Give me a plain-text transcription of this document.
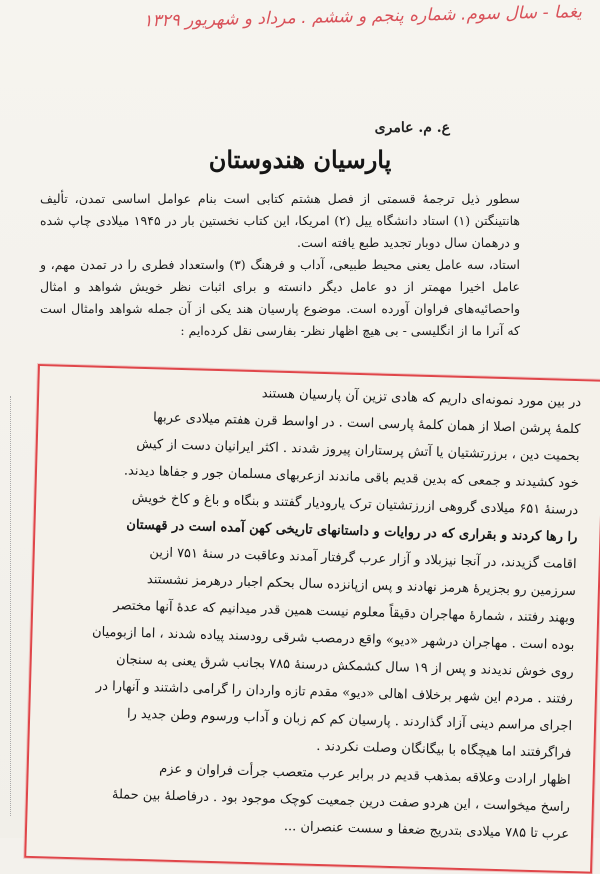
یغما - سال سوم. شماره پنجم و ششم . مرداد و شهریور ۱۳۲۹
ع. م. عامری
پارسیان هندوستان

سطور ذیل ترجمهٔ قسمتی از فصل هشتم کتابی است بنام عوامل اساسی تمدن، تألیف هانتینگتن (۱) استاد دانشگاه ییل (۲) امریکا، این کتاب نخستین بار در ۱۹۴۵ میلادی چاپ شده و درهمان سال دوبار تجدید طبع یافته است.

استاد، سه عامل یعنی محیط طبیعی، آداب و فرهنگ (۳) واستعداد فطری را در تمدن مهم، و عامل اخیرا مهمتر از دو عامل دیگر دانسته و برای اثبات نظر خویش شواهد و امثال واحصائیه‌های فراوان آورده است. موضوع پارسیان هند یکی از آن جمله شواهد وامثال است که آنرا ما از انگلیسی - بی هیچ اظهار نظر- بفارسی نقل کرده‌ایم :

در بین مورد نمونه‌ای داریم که هادی تزین آن پارسیان هستند

کلمهٔ پرشن اصلا از همان کلمهٔ پارسی است . در اواسط قرن هفتم میلادی عربها

بحمیت دین ، برزرتشتیان یا آتش پرستاران پیروز شدند . اکثر ایرانیان دست از کیش

خود کشیدند و جمعی که بدین قدیم باقی ماندند ازعربهای مسلمان جور و جفاها دیدند.

درسنهٔ ۶۵۱ میلادی گروهی ازرزتشتیان ترک یارودیار گفتند و بنگاه و باغ و کاخ خویش

را رها کردند و بقراری که در روایات و داستانهای تاریخی کهن آمده است در قهستان

اقامت گزیدند، در آنجا نیزبلاد و آزار عرب گرفتار آمدند وعاقبت در سنهٔ ۷۵۱ ازین

سرزمین رو بجزیرهٔ هرمز نهادند و پس ازپانزده سال بحکم اجبار درهرمز نشستند

وبهند رفتند ، شمارهٔ مهاجران دقیقاً معلوم نیست همین قدر میدانیم که عدهٔ آنها مختصر

بوده است . مهاجران درشهر «دیو» واقع درمصب شرقی رودسند پیاده شدند ، اما ازبومیان

روی خوش ندیدند و پس از ۱۹ سال کشمکش درسنهٔ ۷۸۵ بجانب شرق یعنی به سنجان

رفتند . مردم این شهر برخلاف اهالی «دیو» مقدم تازه واردان را گرامی داشتند و آنهارا در

اجرای مراسم دینی آزاد گذاردند . پارسیان کم کم زبان و آداب ورسوم وطن جدید را

فراگرفتند اما هیچگاه با بیگانگان وصلت نکردند .

اظهار ارادت وعلاقه بمذهب قدیم در برابر عرب متعصب جرأت فراوان و عزم

راسخ میخواست ، این هردو صفت درین جمعیت کوچک موجود بود . درفاصلهٔ بین حملهٔ

عرب تا ۷۸۵ میلادی بتدریج ضعفا و سست عنصران ...
